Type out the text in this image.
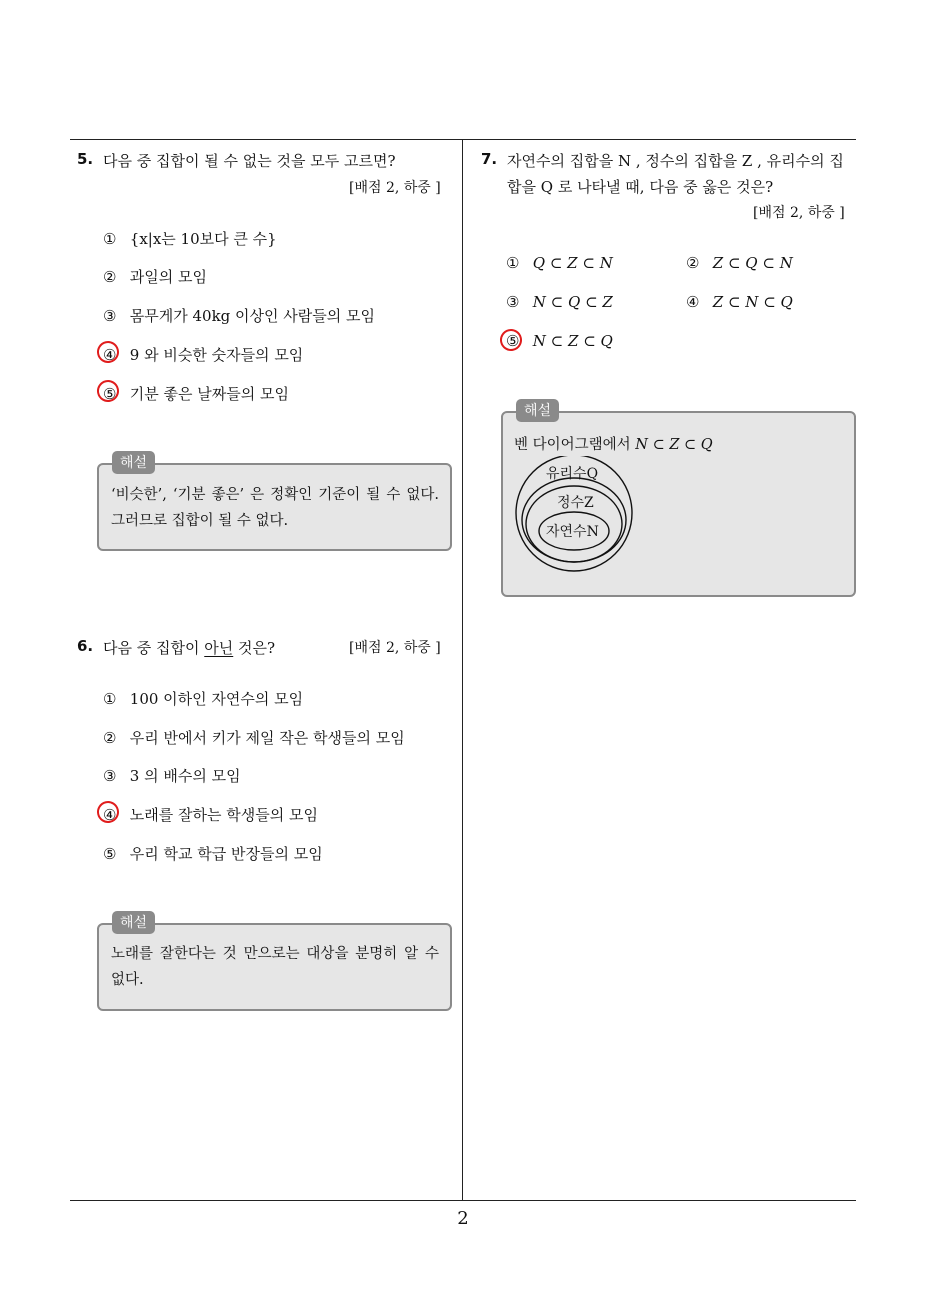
5. 다음 중 집합이 될 수 없는 것을 모두 고르면?
[배점 2, 하중 ]
① {x|x는 10보다 큰 수}
② 과일의 모임
③ 몸무게가 40kg 이상인 사람들의 모임
④ 9 와 비슷한 숫자들의 모임
⑤ 기분 좋은 날짜들의 모임
해설
‘비슷한’, ‘기분 좋은’ 은 정확인 기준이 될 수 없다. 그러므로 집합이 될 수 없다.
6. 다음 중 집합이 아닌 것은?	[배점 2, 하중 ]
① 100 이하인 자연수의 모임
② 우리 반에서 키가 제일 작은 학생들의 모임
③ 3 의 배수의 모임
④ 노래를 잘하는 학생들의 모임
⑤ 우리 학교 학급 반장들의 모임
해설
노래를 잘한다는 것 만으로는 대상을 분명히 알 수 없다.
7. 자연수의 집합을 N , 정수의 집합을 Z , 유리수의 집
합을 Q 로 나타낼 때, 다음 중 옳은 것은?
[배점 2, 하중 ]
① Q ⊂ Z ⊂ N	② Z ⊂ Q ⊂ N
③ N ⊂ Q ⊂ Z	④ Z ⊂ N ⊂ Q
⑤ N ⊂ Z ⊂ Q
해설
벤 다이어그램에서 N ⊂ Z ⊂ Q
유리수Q
정수Z
자연수N
2
